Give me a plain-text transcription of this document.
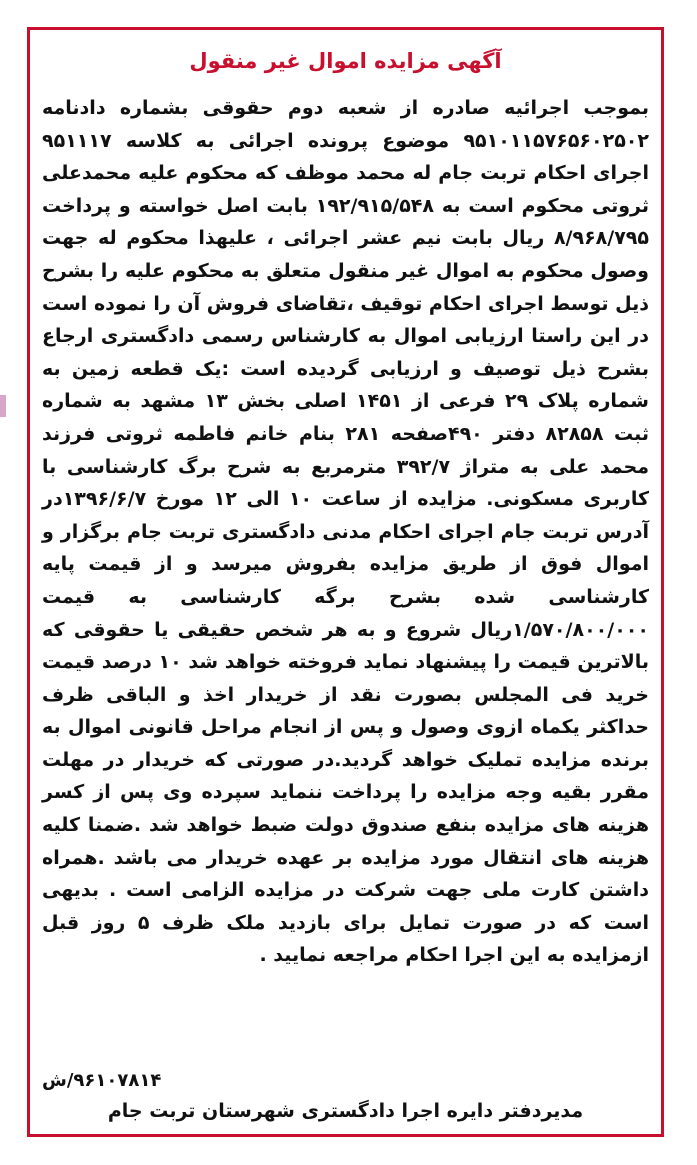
آگهی مزایده اموال غیر منقول
بموجب اجرائیه صادره از شعبه دوم حقوقی بشماره دادنامه ۹۵۱۰۱۱۵۷۶۵۶۰۲۵۰۲ موضوع پرونده اجرائی به کلاسه ۹۵۱۱۱۷ اجرای احکام تربت جام له محمد موظف که محکوم علیه محمدعلی ثروتی محکوم است به ۱۹۲/۹۱۵/۵۴۸ بابت اصل خواسته و پرداخت ۸/۹۶۸/۷۹۵ ریال بابت نیم عشر اجرائی ، علیهذا محکوم له جهت وصول محکوم به اموال غیر منقول متعلق به محکوم علیه را بشرح ذیل توسط اجرای احکام توقیف ،تقاضای فروش آن را نموده است در این راستا ارزیابی اموال به کارشناس رسمی دادگستری ارجاع بشرح ذیل توصیف و ارزیابی گردیده است :یک قطعه زمین به شماره پلاک ۲۹ فرعی از ۱۴۵۱ اصلی بخش ۱۳ مشهد به شماره ثبت ۸۲۸۵۸ دفتر ۴۹۰صفحه ۲۸۱ بنام خانم فاطمه ثروتی فرزند محمد علی به متراژ ۳۹۲/۷ مترمربع به شرح برگ کارشناسی با کاربری مسکونی. مزایده از ساعت ۱۰ الی ۱۲ مورخ ۱۳۹۶/۶/۷در آدرس تربت جام اجرای احکام مدنی دادگستری تربت جام برگزار و اموال فوق از طریق مزایده بفروش میرسد و از قیمت پایه کارشناسی شده بشرح برگه کارشناسی به قیمت ۱/۵۷۰/۸۰۰/۰۰۰ریال شروع و به هر شخص حقیقی یا حقوقی که بالاترین قیمت را پیشنهاد نماید فروخته خواهد شد ۱۰ درصد قیمت خرید فی المجلس بصورت نقد از خریدار اخذ و الباقی ظرف حداکثر یکماه ازوی وصول و پس از انجام مراحل قانونی اموال به برنده مزایده تملیک خواهد گردید.در صورتی که خریدار در مهلت مقرر بقیه وجه مزایده را پرداخت ننماید سپرده وی پس از کسر هزینه های مزایده بنفع صندوق دولت ضبط خواهد شد .ضمنا کلیه هزینه های انتقال مورد مزایده بر عهده خریدار می باشد .همراه داشتن کارت ملی جهت شرکت در مزایده الزامی است . بدیهی است که در صورت تمایل برای بازدید ملک ظرف ۵ روز قبل ازمزایده به این اجرا احکام مراجعه نمایید .
۹۶۱۰۷۸۱۴/ش
مدیردفتر دایره اجرا دادگستری شهرستان تربت جام
